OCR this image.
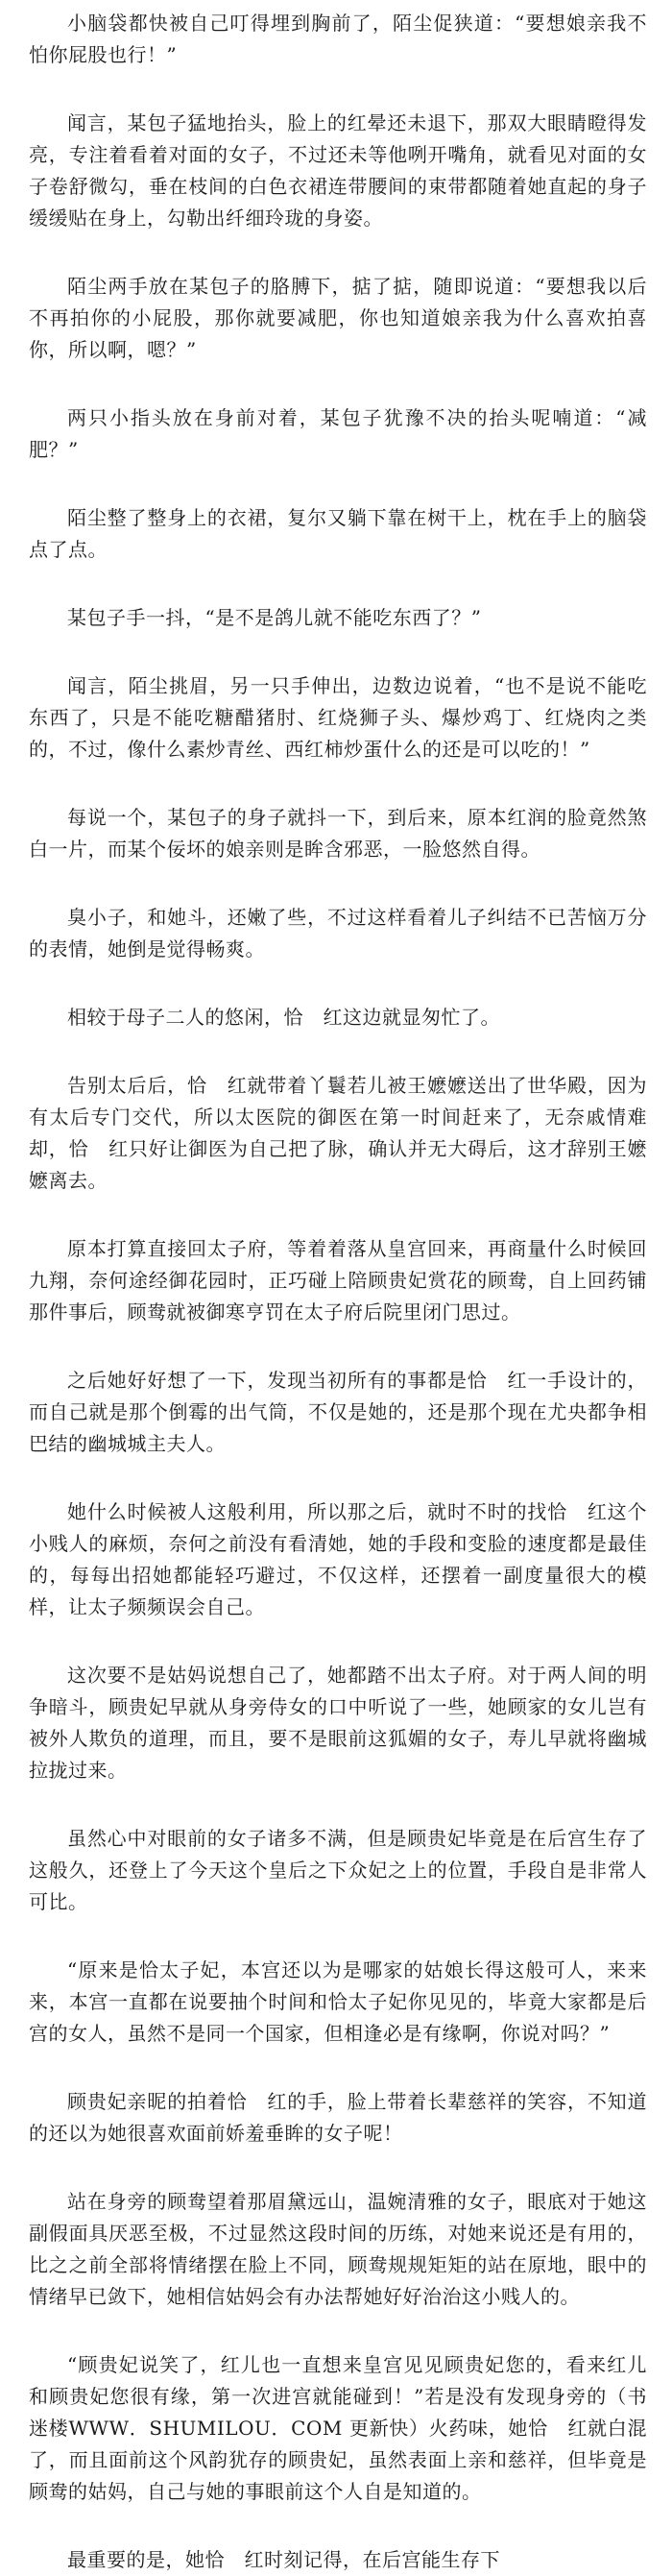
小脑袋都快被自己叮得埋到胸前了，陌尘促狭道：“要想娘亲我不怕你屁股也行！”

闻言，某包子猛地抬头，脸上的红晕还未退下，那双大眼睛瞪得发亮，专注着看着对面的女子，不过还未等他咧开嘴角，就看见对面的女子卷舒微勾，垂在枝间的白色衣裙连带腰间的束带都随着她直起的身子缓缓贴在身上，勾勒出纤细玲珑的身姿。

陌尘两手放在某包子的胳膊下，掂了掂，随即说道：“要想我以后不再拍你的小屁股，那你就要减肥，你也知道娘亲我为什么喜欢拍喜你，所以啊，嗯？”

两只小指头放在身前对着，某包子犹豫不决的抬头呢喃道：“减肥？”

陌尘整了整身上的衣裙，复尔又躺下靠在树干上，枕在手上的脑袋点了点。

某包子手一抖，“是不是鸽儿就不能吃东西了？”

闻言，陌尘挑眉，另一只手伸出，边数边说着，“也不是说不能吃东西了，只是不能吃糖醋猪肘、红烧狮子头、爆炒鸡丁、红烧肉之类的，不过，像什么素炒青丝、西红柿炒蛋什么的还是可以吃的！”

每说一个，某包子的身子就抖一下，到后来，原本红润的脸竟然煞白一片，而某个佞坏的娘亲则是眸含邪恶，一脸悠然自得。

臭小子，和她斗，还嫩了些，不过这样看着儿子纠结不已苦恼万分的表情，她倒是觉得畅爽。

相较于母子二人的悠闲，恰　红这边就显匆忙了。

告别太后后，恰　红就带着丫鬟若儿被王嬷嬷送出了世华殿，因为有太后专门交代，所以太医院的御医在第一时间赶来了，无奈戚情难却，恰　红只好让御医为自己把了脉，确认并无大碍后，这才辞别王嬷嬷离去。

原本打算直接回太子府，等着着落从皇宫回来，再商量什么时候回九翔，奈何途经御花园时，正巧碰上陪顾贵妃赏花的顾鸯，自上回药铺那件事后，顾鸯就被御寒亨罚在太子府后院里闭门思过。

之后她好好想了一下，发现当初所有的事都是恰　红一手设计的，而自己就是那个倒霉的出气筒，不仅是她的，还是那个现在尤央都争相巴结的幽城城主夫人。

她什么时候被人这般利用，所以那之后，就时不时的找恰　红这个小贱人的麻烦，奈何之前没有看清她，她的手段和变脸的速度都是最佳的，每每出招她都能轻巧避过，不仅这样，还摆着一副度量很大的模样，让太子频频误会自己。

这次要不是姑妈说想自己了，她都踏不出太子府。对于两人间的明争暗斗，顾贵妃早就从身旁侍女的口中听说了一些，她顾家的女儿岂有被外人欺负的道理，而且，要不是眼前这狐媚的女子，寿儿早就将幽城拉拢过来。

虽然心中对眼前的女子诸多不满，但是顾贵妃毕竟是在后宫生存了这般久，还登上了今天这个皇后之下众妃之上的位置，手段自是非常人可比。

“原来是恰太子妃，本宫还以为是哪家的姑娘长得这般可人，来来来，本宫一直都在说要抽个时间和恰太子妃你见见的，毕竟大家都是后宫的女人，虽然不是同一个国家，但相逢必是有缘啊，你说对吗？”

顾贵妃亲昵的拍着恰　红的手，脸上带着长辈慈祥的笑容，不知道的还以为她很喜欢面前娇羞垂眸的女子呢！

站在身旁的顾鸯望着那眉黛远山，温婉清雅的女子，眼底对于她这副假面具厌恶至极，不过显然这段时间的历练，对她来说还是有用的，比之之前全部将情绪摆在脸上不同，顾鸯规规矩矩的站在原地，眼中的情绪早已敛下，她相信姑妈会有办法帮她好好治治这小贱人的。

“顾贵妃说笑了，红儿也一直想来皇宫见见顾贵妃您的，看来红儿和顾贵妃您很有缘，第一次进宫就能碰到！”若是没有发现身旁的（书迷楼WWW．SHUMILOU．COM 更新快）火药味，她恰　红就白混了，而且面前这个风韵犹存的顾贵妃，虽然表面上亲和慈祥，但毕竟是顾鸯的姑妈，自己与她的事眼前这个人自是知道的。

最重要的是，她恰　红时刻记得，在后宫能生存下
